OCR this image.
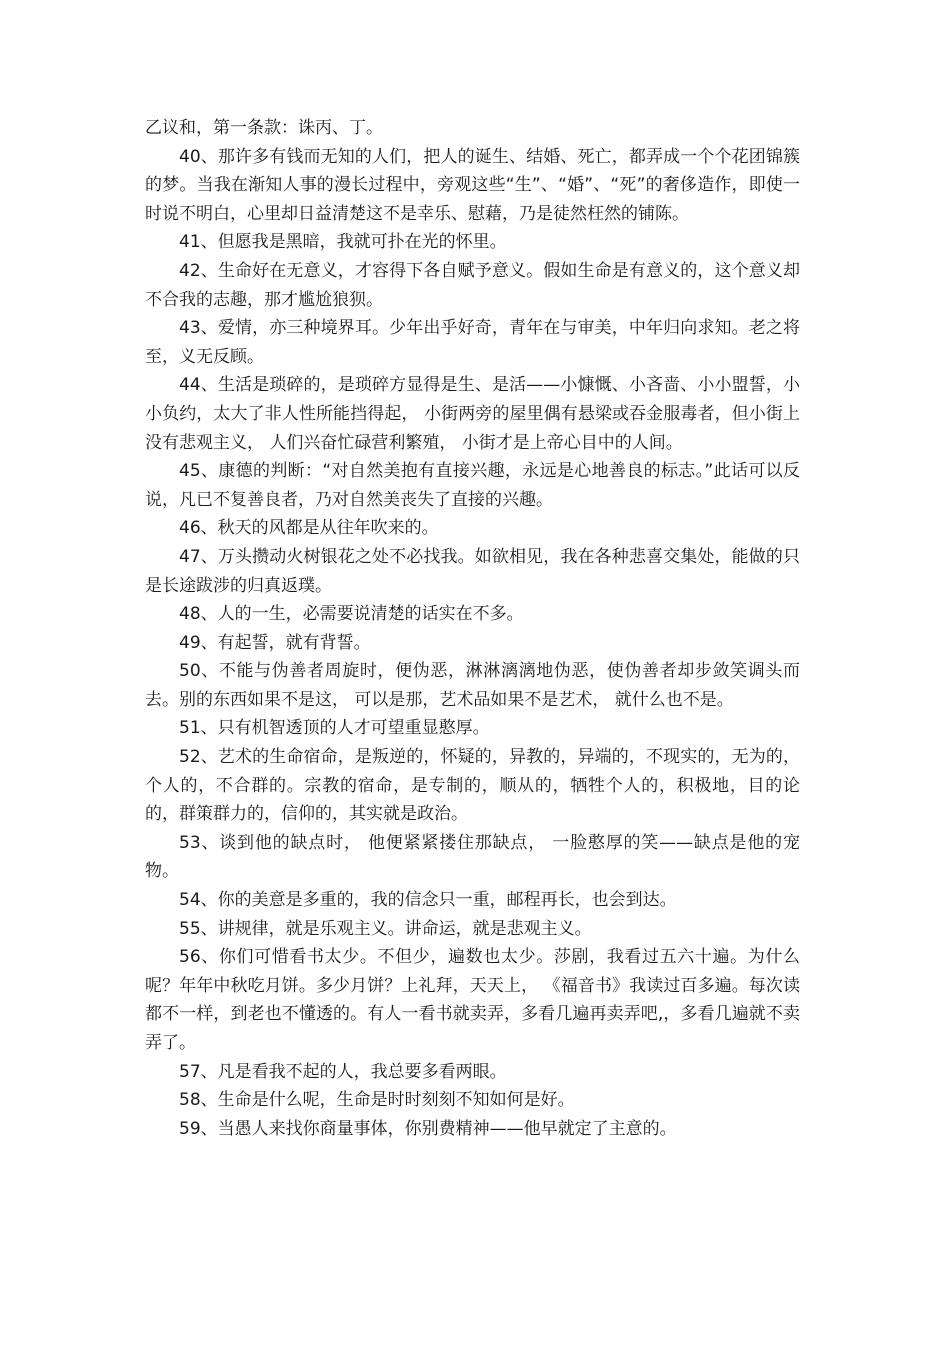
乙议和，第一条款：诛丙、丁。

40、那许多有钱而无知的人们，把人的诞生、结婚、死亡，都弄成一个个花团锦簇的梦。当我在渐知人事的漫长过程中，旁观这些“生”、“婚”、“死”的奢侈造作，即使一时说不明白，心里却日益清楚这不是幸乐、慰藉，乃是徒然枉然的铺陈。

41、但愿我是黑暗，我就可扑在光的怀里。

42、生命好在无意义，才容得下各自赋予意义。假如生命是有意义的，这个意义却不合我的志趣，那才尴尬狼狈。

43、爱情，亦三种境界耳。少年出乎好奇，青年在与审美，中年归向求知。老之将至，义无反顾。

44、生活是琐碎的，是琐碎方显得是生、是活——小慷慨、小吝啬、小小盟誓，小小负约，太大了非人性所能挡得起， 小街两旁的屋里偶有悬梁或吞金服毒者，但小街上没有悲观主义， 人们兴奋忙碌营利繁殖， 小街才是上帝心目中的人间。

45、康德的判断：“对自然美抱有直接兴趣，永远是心地善良的标志。”此话可以反说，凡已不复善良者，乃对自然美丧失了直接的兴趣。

46、秋天的风都是从往年吹来的。

47、万头攒动火树银花之处不必找我。如欲相见，我在各种悲喜交集处，能做的只是长途跋涉的归真返璞。

48、人的一生，必需要说清楚的话实在不多。

49、有起誓，就有背誓。

50、不能与伪善者周旋时，便伪恶，淋淋漓漓地伪恶，使伪善者却步敛笑调头而去。别的东西如果不是这， 可以是那，艺术品如果不是艺术， 就什么也不是。

51、只有机智透顶的人才可望重显憨厚。

52、艺术的生命宿命，是叛逆的，怀疑的，异教的，异端的，不现实的，无为的，个人的，不合群的。宗教的宿命，是专制的，顺从的，牺牲个人的，积极地，目的论的，群策群力的，信仰的，其实就是政治。

53、谈到他的缺点时， 他便紧紧搂住那缺点， 一脸憨厚的笑——缺点是他的宠物。

54、你的美意是多重的，我的信念只一重，邮程再长，也会到达。

55、讲规律，就是乐观主义。讲命运，就是悲观主义。

56、你们可惜看书太少。不但少，遍数也太少。莎剧，我看过五六十遍。为什么呢？年年中秋吃月饼。多少月饼？上礼拜，天天上， 《福音书》我读过百多遍。每次读都不一样，到老也不懂透的。有人一看书就卖弄，多看几遍再卖弄吧,，多看几遍就不卖弄了。

57、凡是看我不起的人，我总要多看两眼。

58、生命是什么呢，生命是时时刻刻不知如何是好。

59、当愚人来找你商量事体，你别费精神——他早就定了主意的。
